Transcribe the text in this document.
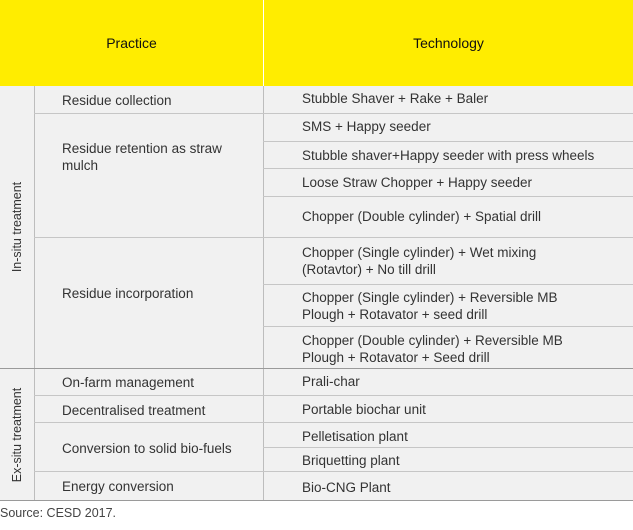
Practice	Technology
In-situ treatment
Ex-situ treatment
Residue collection
Residue retention as straw mulch
Residue incorporation
On-farm management
Decentralised treatment
Conversion to solid bio-fuels
Energy conversion
Stubble Shaver + Rake + Baler
SMS + Happy seeder
Stubble shaver+Happy seeder with press wheels
Loose Straw Chopper + Happy seeder
Chopper (Double cylinder) + Spatial drill
Chopper (Single cylinder) + Wet mixing (Rotavtor) + No till drill
Chopper (Single cylinder) + Reversible MB Plough + Rotavator + seed drill
Chopper (Double cylinder) + Reversible MB Plough + Rotavator + Seed drill
Prali-char
Portable biochar unit
Pelletisation plant
Briquetting plant
Bio-CNG Plant
Source: CESD 2017.
